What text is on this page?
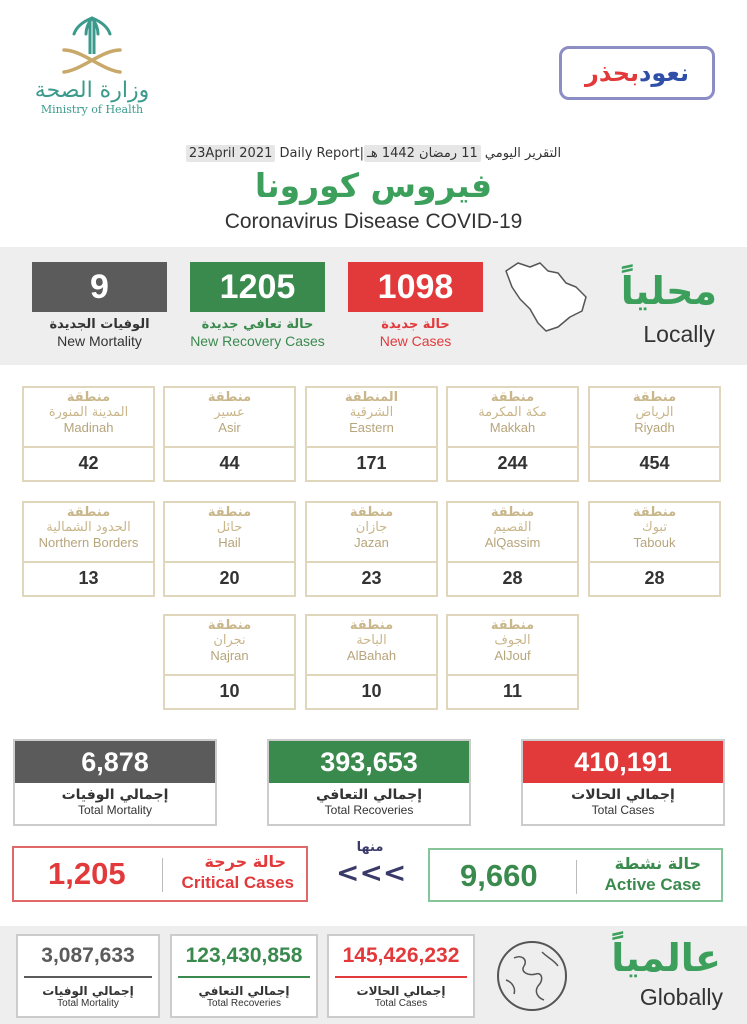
وزارة الصحة
Ministry of Health
نعود
بحذر
التقرير اليومي 11 رمضان 1442 هـ|23April 2021 Daily Report
فيروس كورونا
Coronavirus Disease COVID-19
9
الوفيات الجديدة
New Mortality
1205
حالة تعافي جديدة
New Recovery Cases
1098
حالة جديدة
New Cases
محلياً
Locally
منطقة
الرياض
Riyadh
454
منطقة
مكة المكرمة
Makkah
244
المنطقة
الشرقية
Eastern
171
منطقة
عسير
Asir
44
منطقة
المدينة المنورة
Madinah
42
منطقة
تبوك
Tabouk
28
منطقة
القصيم
AlQassim
28
منطقة
جازان
Jazan
23
منطقة
حائل
Hail
20
منطقة
الحدود الشمالية
Northern Borders
13
منطقة
الجوف
AlJouf
11
منطقة
الباحة
AlBahah
10
منطقة
نجران
Najran
10
6,878
إجمالي الوفيات
Total Mortality
393,653
إجمالي التعافي
Total Recoveries
410,191
إجمالي الحالات
Total Cases
1,205	حالة حرجة
Critical Cases
منها
<<< 9,660	حالة نشطة
Active Case
3,087,633
إجمالي الوفيات
Total Mortality
123,430,858
إجمالي التعافي
Total Recoveries
145,426,232
إجمالي الحالات
Total Cases
عالمياً
Globally
